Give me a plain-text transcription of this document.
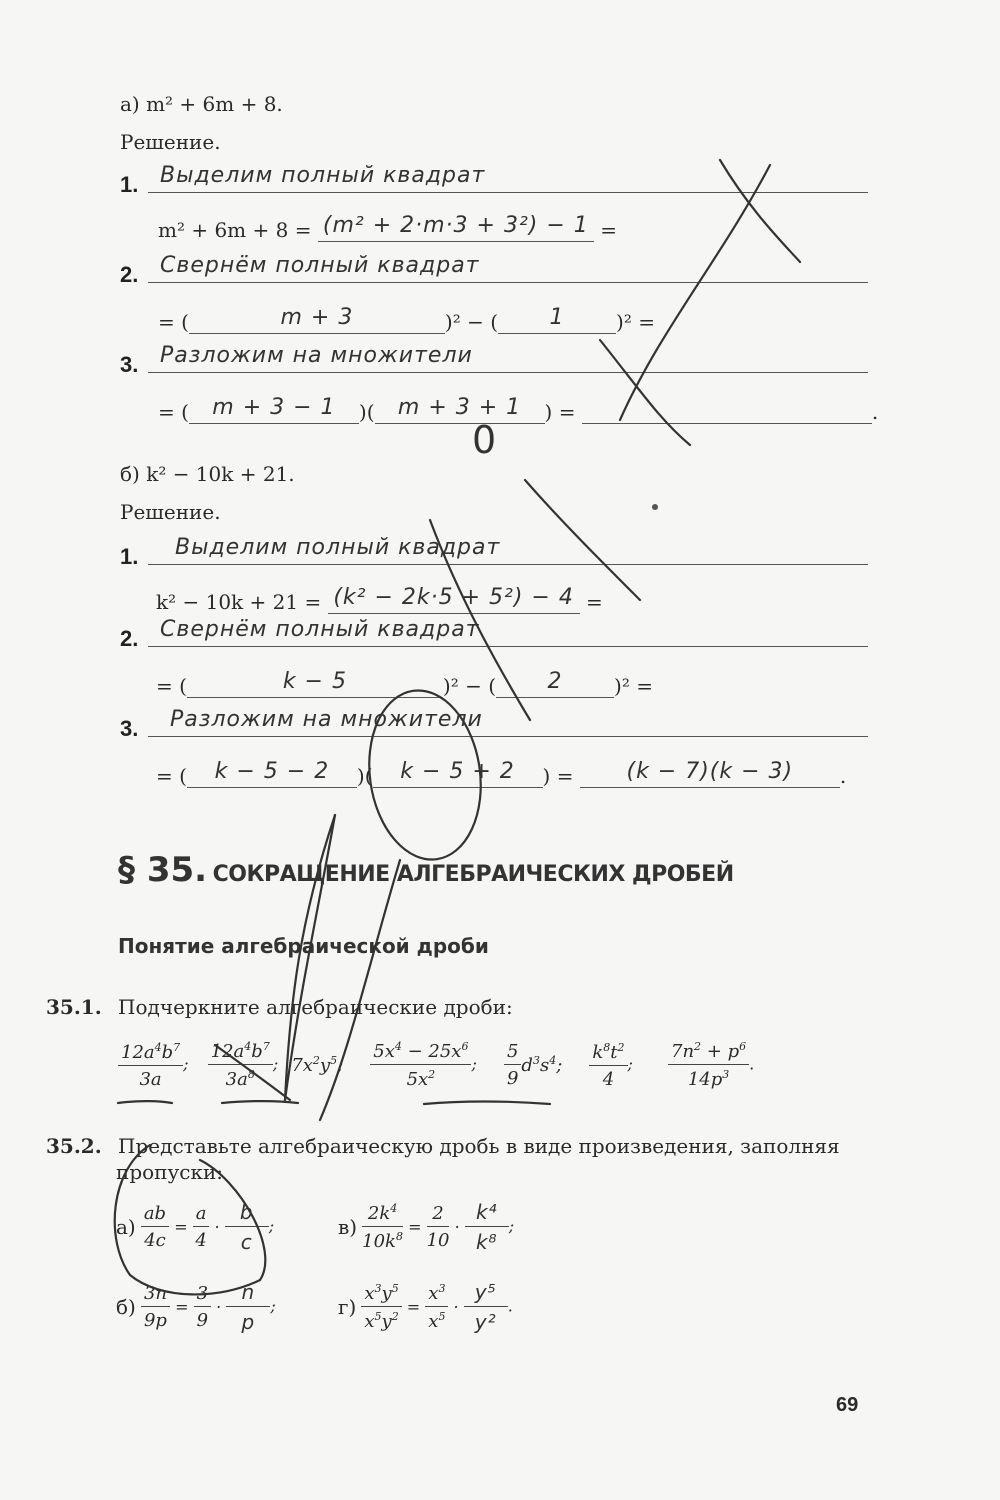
а) m² + 6m + 8.
Решение.
1. Выделим полный квадрат
m² + 6m + 8 = (m² + 2·m·3 + 3²) − 1 =
2. Свернём полный квадрат
= (	m + 3	)² − (	1	)² =
3. Разложим на множители
= (	m + 3 − 1	)(	m + 3 + 1	) =	.
0
б) k² − 10k + 21.
Решение.
1. Выделим полный квадрат
k² − 10k + 21 = (k² − 2k·5 + 5²) − 4 =
2. Свернём полный квадрат
= (	k − 5	)² − (	2	)² =
3. Разложим на множители
= (	k − 5 − 2	)(	k − 5 + 2	) =	(k − 7)(k − 3)	.
§ 35. СОКРАЩЕНИЕ АЛГЕБРАИЧЕСКИХ ДРОБЕЙ
Понятие алгебраической дроби
35.1. Подчеркните алгебраические дроби:
$\frac{12a^4b^7}{3a}$ ; $\frac{12a^4b^7}{3a^8}$ ; $7x^2y^5$; $\frac{5x^4 - 25x^6}{5x^2}$ ; $\frac{5}{9} d^3s^4$; $\frac{k^8t^2}{4}$ ; $\frac{7n^2 + p^6}{14p^3}$ .
35.2. Представьте алгебраическую дробь в виде произведения, заполняя
пропуски:
$а) \frac{ab}{4c} = \frac{a}{4} \cdot \frac{b}{c}$ ;	$в) \frac{2k^4}{10k^8} = \frac{2}{10} \cdot \frac{\text{k⁴}}{\text{k⁸}}$ ;
$б) \frac{3n}{9p} = \frac{3}{9} \cdot \frac{n}{p}$ ;	$г) \frac{x^3y^5}{x^5y^2} = \frac{x^3}{x^5} \cdot \frac{\text{y⁵}}{\text{y²}}$ .
69
